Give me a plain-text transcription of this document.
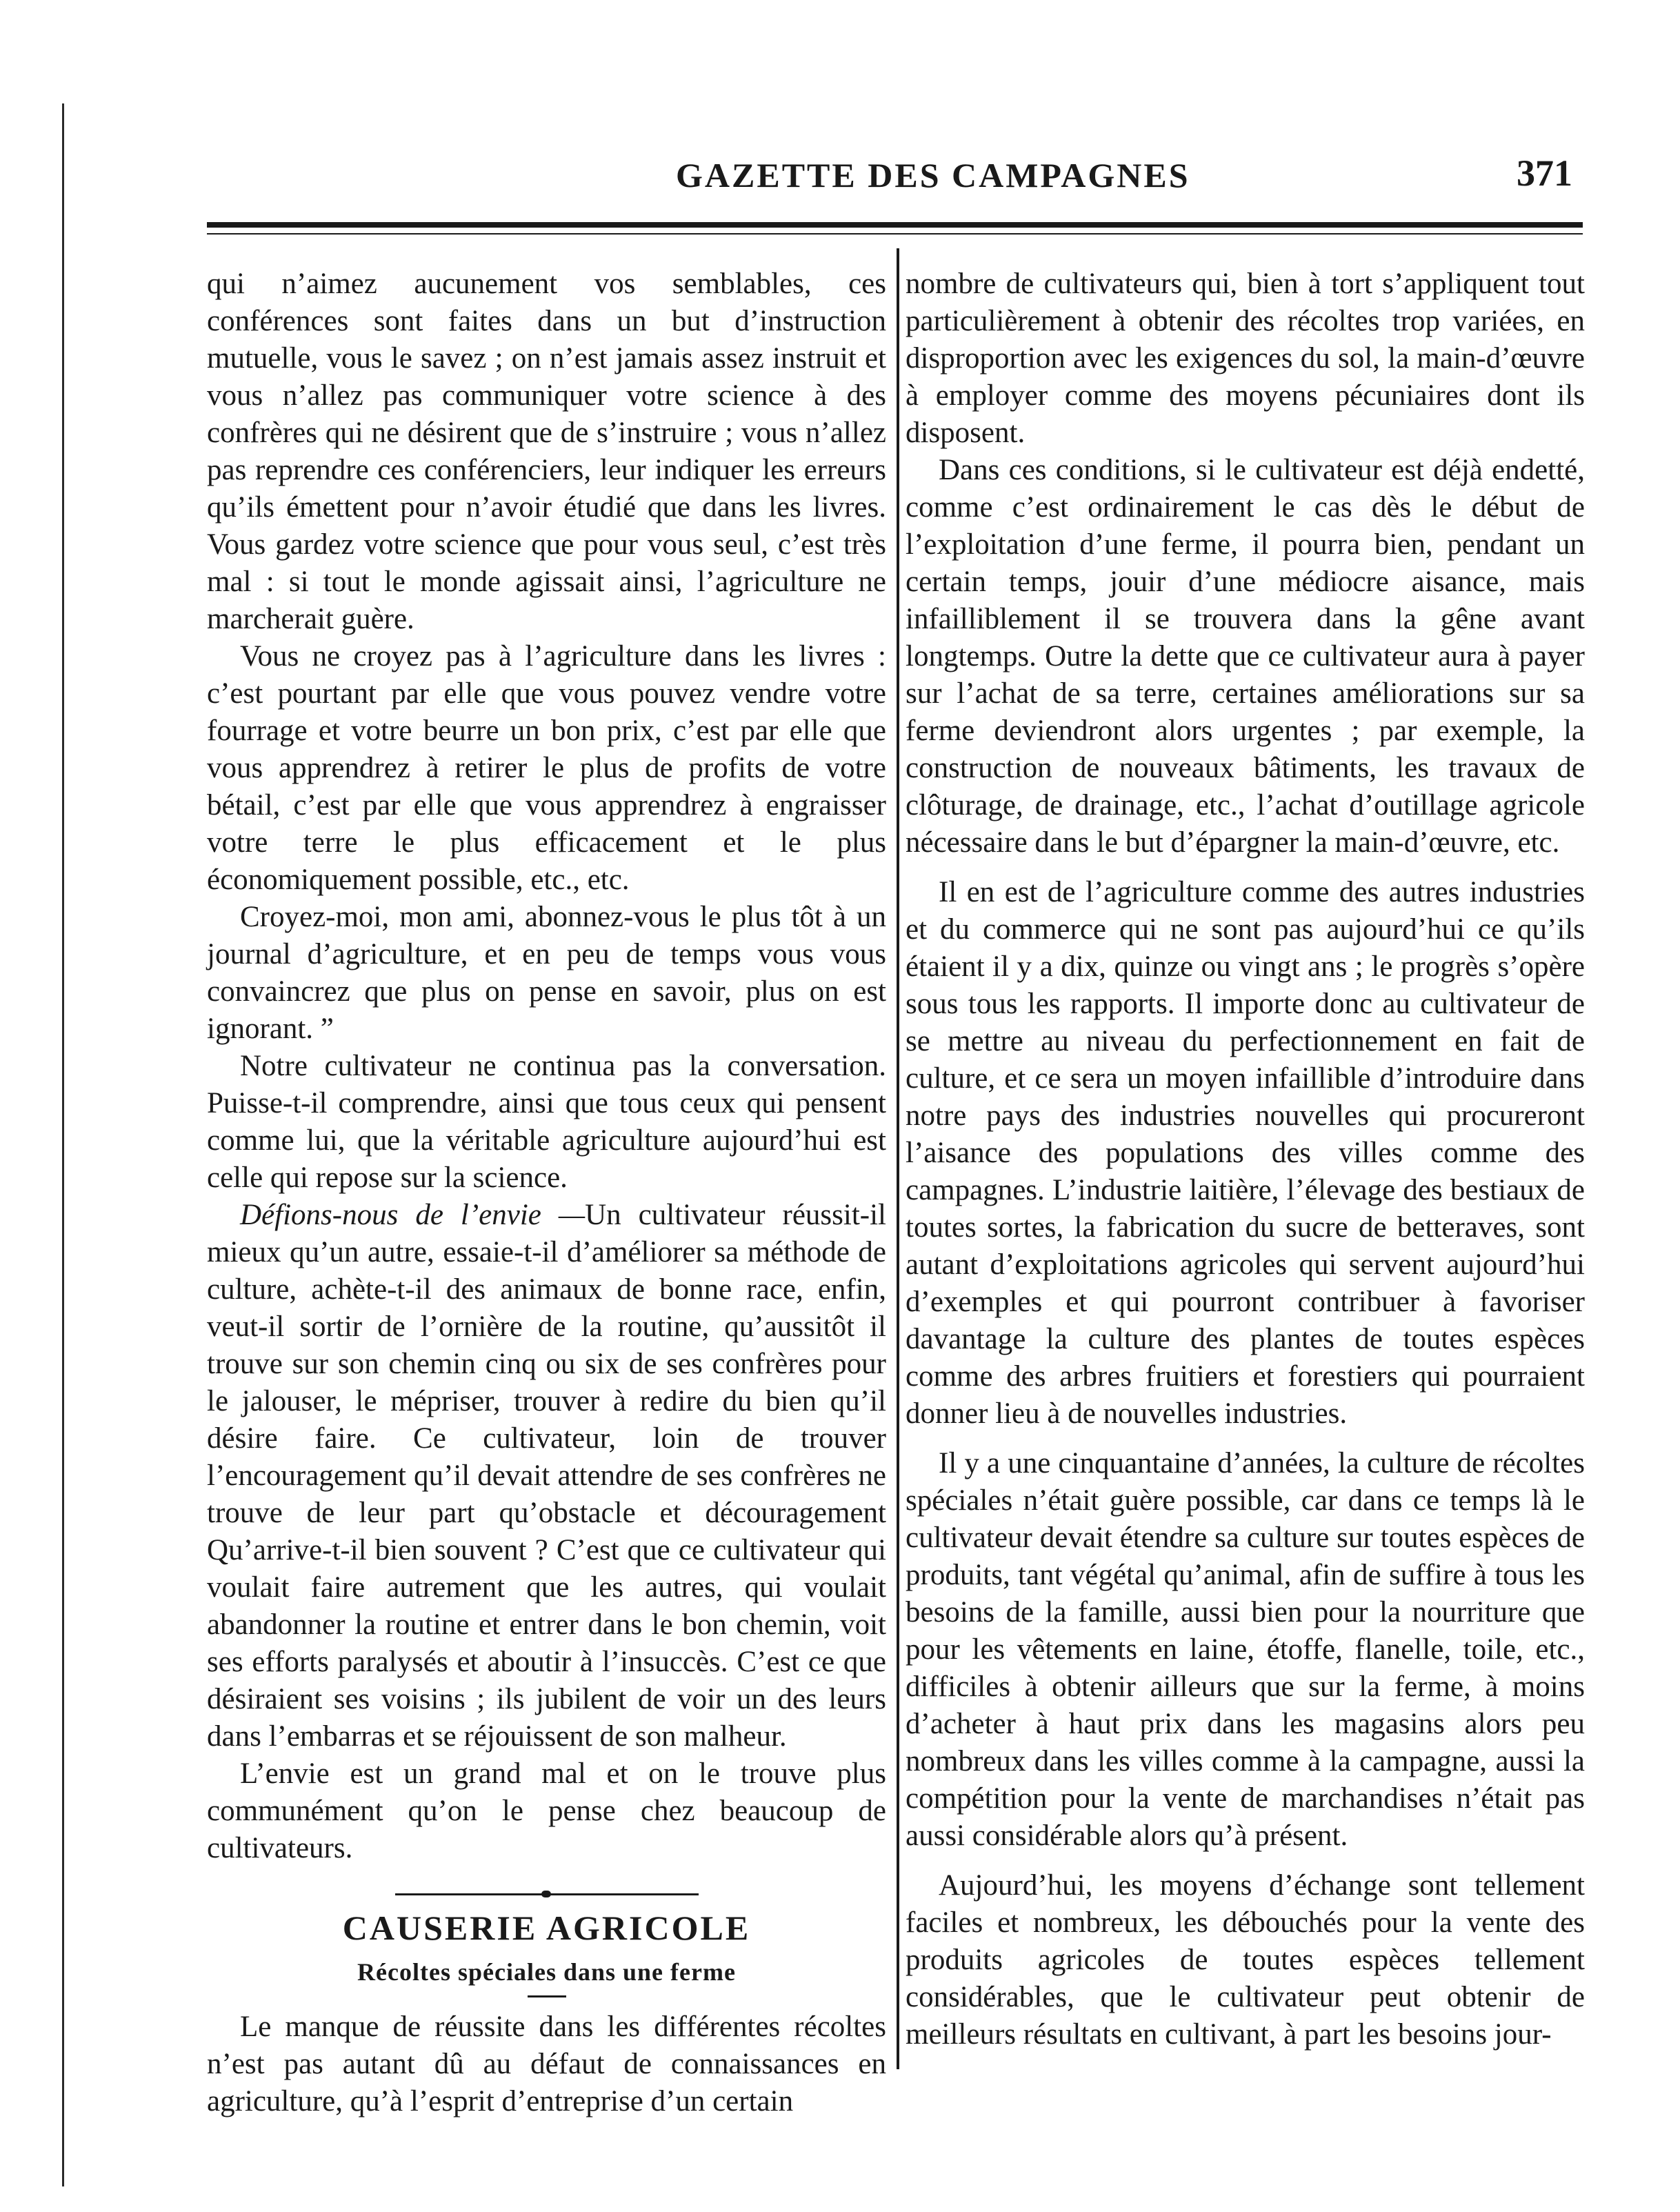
GAZETTE DES CAMPAGNES	371

qui n’aimez aucunement vos semblables, ces conférences sont faites dans un but d’instruction mutuelle, vous le savez ; on n’est jamais assez instruit et vous n’allez pas communiquer votre science à des confrères qui ne désirent que de s’instruire ; vous n’allez pas reprendre ces conférenciers, leur indiquer les erreurs qu’ils émettent pour n’avoir étudié que dans les livres. Vous gardez votre science que pour vous seul, c’est très mal : si tout le monde agissait ainsi, l’agriculture ne marcherait guère.

Vous ne croyez pas à l’agriculture dans les livres : c’est pourtant par elle que vous pouvez vendre votre fourrage et votre beurre un bon prix, c’est par elle que vous apprendrez à retirer le plus de profits de votre bétail, c’est par elle que vous apprendrez à engraisser votre terre le plus efficacement et le plus économiquement possible, etc., etc.

Croyez-moi, mon ami, abonnez-vous le plus tôt à un journal d’agriculture, et en peu de temps vous vous convaincrez que plus on pense en savoir, plus on est ignorant. ”

Notre cultivateur ne continua pas la conversation. Puisse-t-il comprendre, ainsi que tous ceux qui pensent comme lui, que la véritable agriculture aujourd’hui est celle qui repose sur la science.

Défions-nous de l’envie —Un cultivateur réussit-il mieux qu’un autre, essaie-t-il d’améliorer sa méthode de culture, achète-t-il des animaux de bonne race, enfin, veut-il sortir de l’ornière de la routine, qu’aussitôt il trouve sur son chemin cinq ou six de ses confrères pour le jalouser, le mépriser, trouver à redire du bien qu’il désire faire. Ce cultivateur, loin de trouver l’encouragement qu’il devait attendre de ses confrères ne trouve de leur part qu’obstacle et découragement Qu’arrive-t-il bien souvent ? C’est que ce cultivateur qui voulait faire autrement que les autres, qui voulait abandonner la routine et entrer dans le bon chemin, voit ses efforts paralysés et aboutir à l’insuccès. C’est ce que désiraient ses voisins ; ils jubilent de voir un des leurs dans l’embarras et se réjouissent de son malheur.

L’envie est un grand mal et on le trouve plus communément qu’on le pense chez beaucoup de cultivateurs.

CAUSERIE AGRICOLE
Récoltes spéciales dans une ferme

Le manque de réussite dans les différentes récoltes n’est pas autant dû au défaut de connaissances en agriculture, qu’à l’esprit d’entreprise d’un certain

nombre de cultivateurs qui, bien à tort s’appliquent tout particulièrement à obtenir des récoltes trop variées, en disproportion avec les exigences du sol, la main-d’œuvre à employer comme des moyens pécuniaires dont ils disposent.

Dans ces conditions, si le cultivateur est déjà endetté, comme c’est ordinairement le cas dès le début de l’exploitation d’une ferme, il pourra bien, pendant un certain temps, jouir d’une médiocre aisance, mais infailliblement il se trouvera dans la gêne avant longtemps. Outre la dette que ce cultivateur aura à payer sur l’achat de sa terre, certaines améliorations sur sa ferme deviendront alors urgentes ; par exemple, la construction de nouveaux bâtiments, les travaux de clôturage, de drainage, etc., l’achat d’outillage agricole nécessaire dans le but d’épargner la main-d’œuvre, etc.

Il en est de l’agriculture comme des autres industries et du commerce qui ne sont pas aujourd’hui ce qu’ils étaient il y a dix, quinze ou vingt ans ; le progrès s’opère sous tous les rapports. Il importe donc au cultivateur de se mettre au niveau du perfectionnement en fait de culture, et ce sera un moyen infaillible d’introduire dans notre pays des industries nouvelles qui procureront l’aisance des populations des villes comme des campagnes. L’industrie laitière, l’élevage des bestiaux de toutes sortes, la fabrication du sucre de betteraves, sont autant d’exploitations agricoles qui servent aujourd’hui d’exemples et qui pourront contribuer à favoriser davantage la culture des plantes de toutes espèces comme des arbres fruitiers et forestiers qui pourraient donner lieu à de nouvelles industries.

Il y a une cinquantaine d’années, la culture de récoltes spéciales n’était guère possible, car dans ce temps là le cultivateur devait étendre sa culture sur toutes espèces de produits, tant végétal qu’animal, afin de suffire à tous les besoins de la famille, aussi bien pour la nourriture que pour les vêtements en laine, étoffe, flanelle, toile, etc., difficiles à obtenir ailleurs que sur la ferme, à moins d’acheter à haut prix dans les magasins alors peu nombreux dans les villes comme à la campagne, aussi la compétition pour la vente de marchandises n’était pas aussi considérable alors qu’à présent.

Aujourd’hui, les moyens d’échange sont tellement faciles et nombreux, les débouchés pour la vente des produits agricoles de toutes espèces tellement considérables, que le cultivateur peut obtenir de meilleurs résultats en cultivant, à part les besoins jour-
